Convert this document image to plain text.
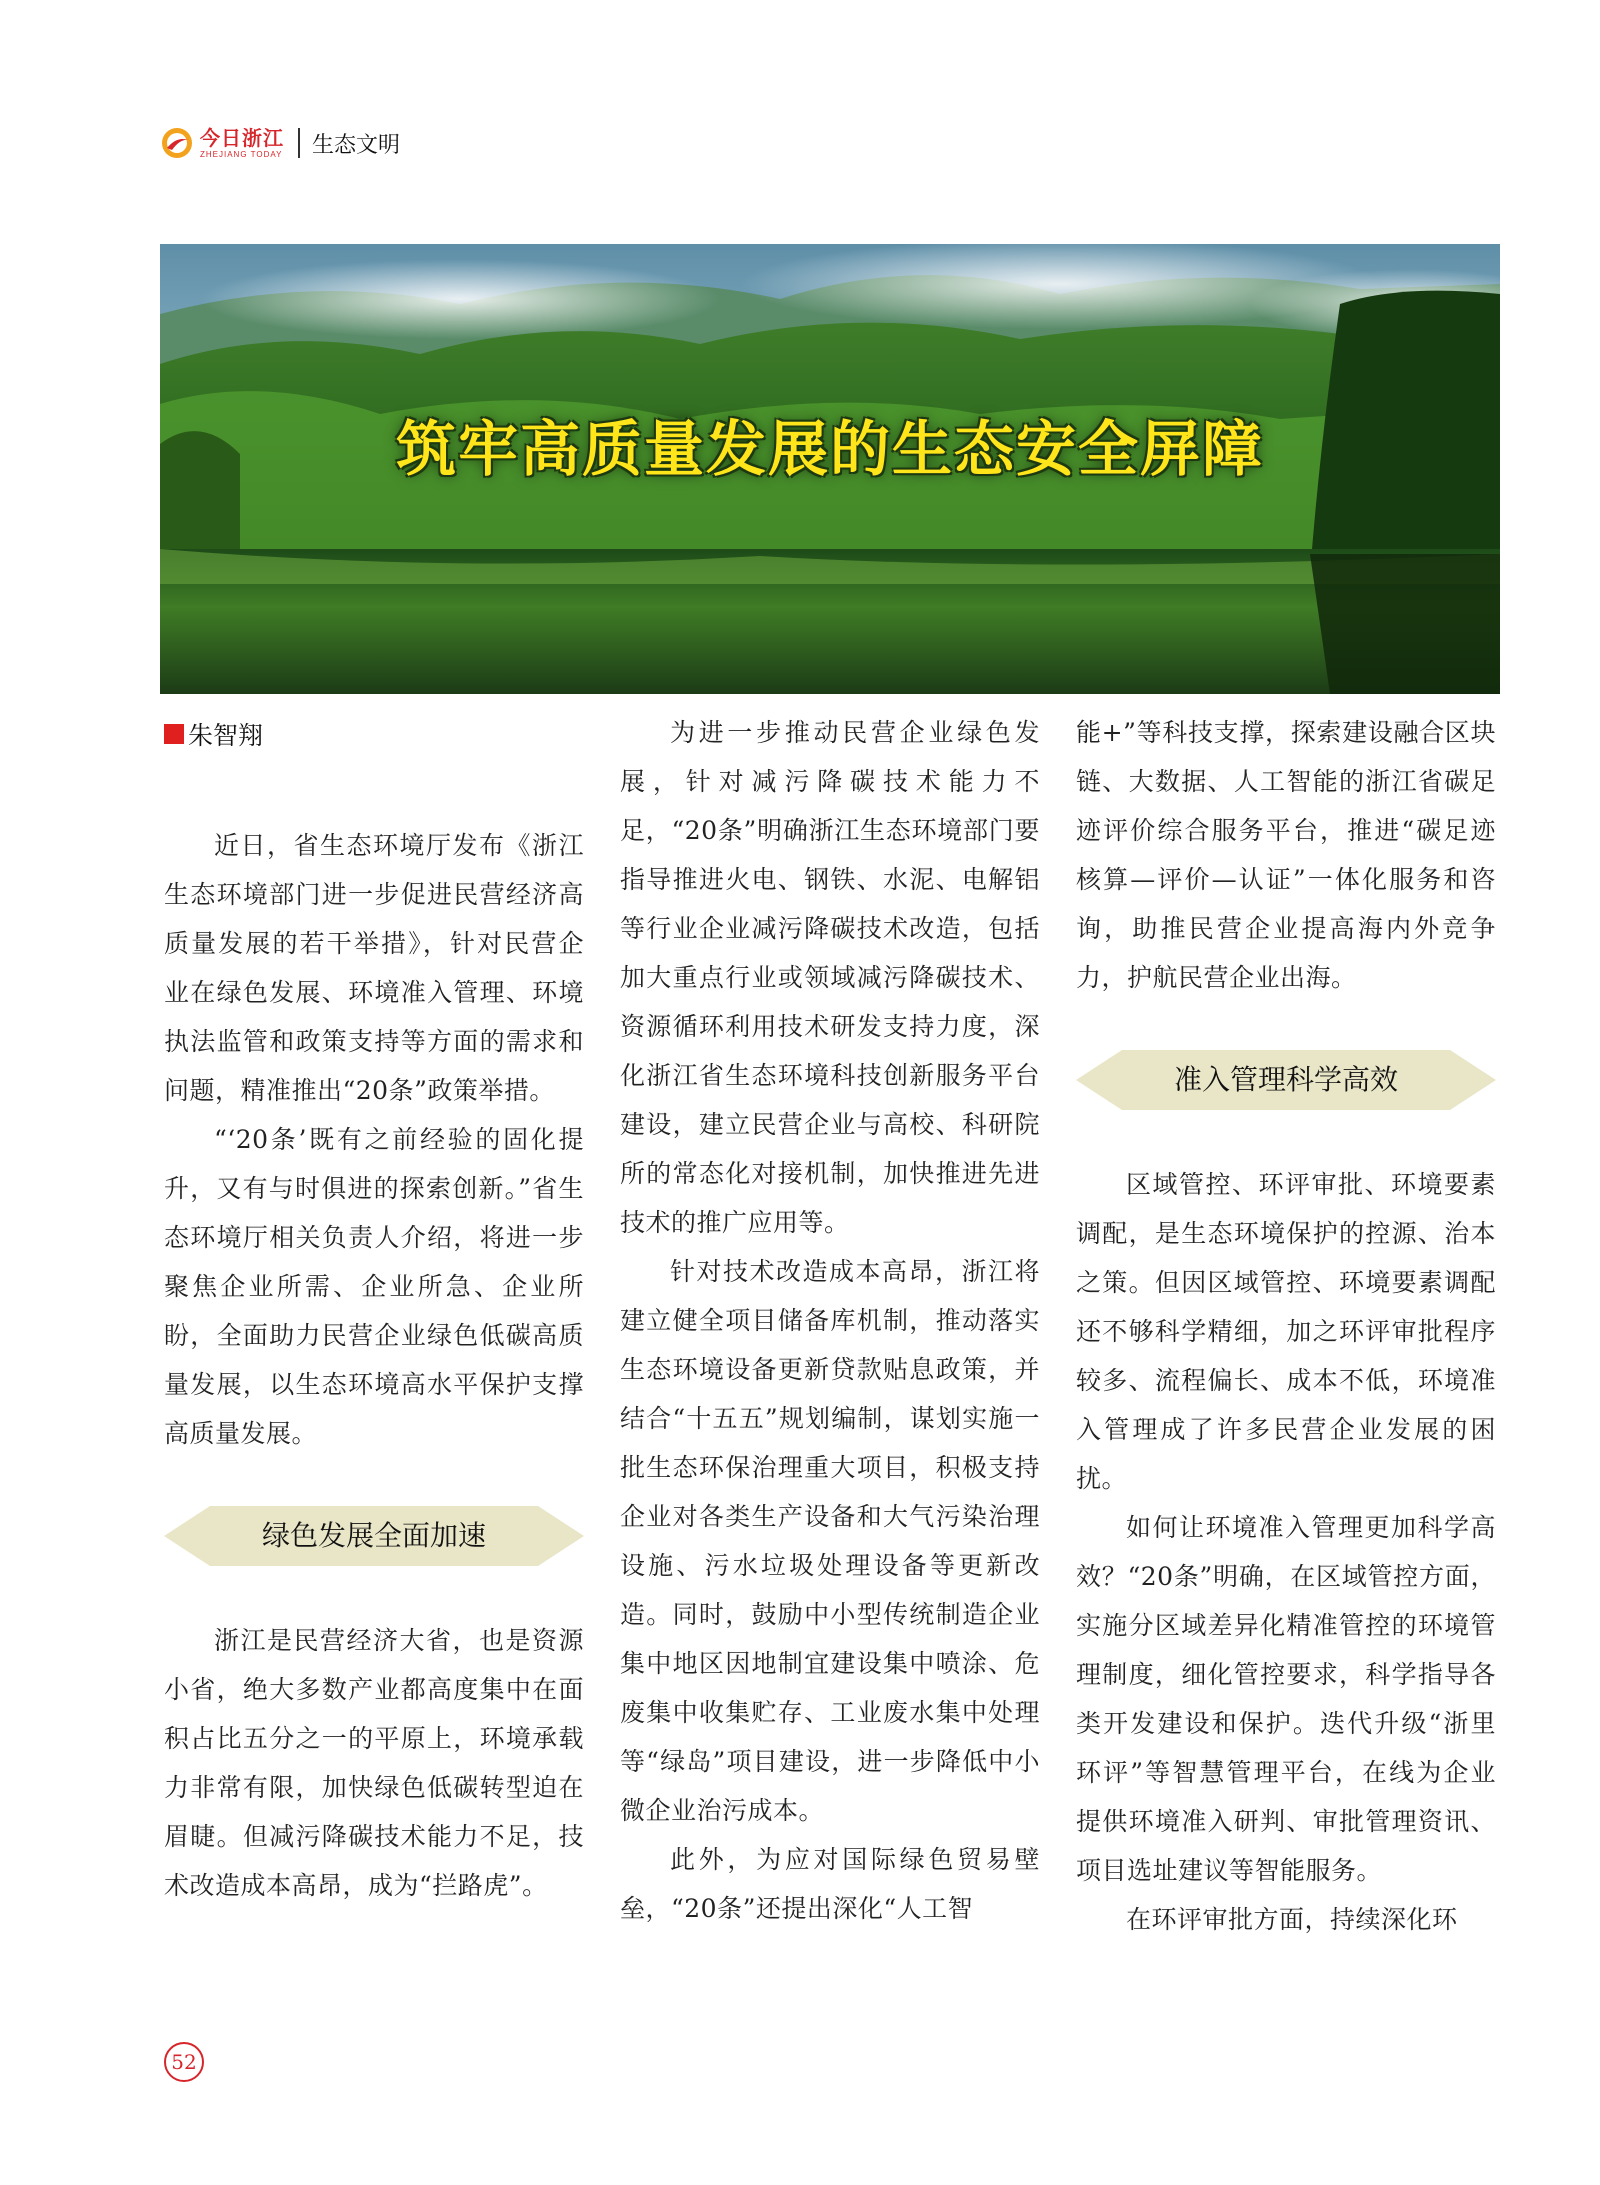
今日浙江
ZHEJIANG TODAY 生态文明
筑牢高质量发展的生态安全屏障
朱智翔

近日，省生态环境厅发布《浙江生态环境部门进一步促进民营经济高质量发展的若干举措》，针对民营企业在绿色发展、环境准入管理、环境执法监管和政策支持等方面的需求和问题，精准推出“20条”政策举措。

“‘20条’既有之前经验的固化提升，又有与时俱进的探索创新。”省生态环境厅相关负责人介绍，将进一步聚焦企业所需、企业所急、企业所盼，全面助力民营企业绿色低碳高质量发展，以生态环境高水平保护支撑高质量发展。

绿色发展全面加速

浙江是民营经济大省，也是资源小省，绝大多数产业都高度集中在面积占比五分之一的平原上，环境承载力非常有限，加快绿色低碳转型迫在眉睫。但减污降碳技术能力不足，技术改造成本高昂，成为“拦路虎”。

为进一步推动民营企业绿色发展，针对减污降碳技术能力不足，“20条”明确浙江生态环境部门要指导推进火电、钢铁、水泥、电解铝等行业企业减污降碳技术改造，包括加大重点行业或领域减污降碳技术、资源循环利用技术研发支持力度，深化浙江省生态环境科技创新服务平台建设，建立民营企业与高校、科研院所的常态化对接机制，加快推进先进技术的推广应用等。

针对技术改造成本高昂，浙江将建立健全项目储备库机制，推动落实生态环境设备更新贷款贴息政策，并结合“十五五”规划编制，谋划实施一批生态环保治理重大项目，积极支持企业对各类生产设备和大气污染治理设施、污水垃圾处理设备等更新改造。同时，鼓励中小型传统制造企业集中地区因地制宜建设集中喷涂、危废集中收集贮存、工业废水集中处理等“绿岛”项目建设，进一步降低中小微企业治污成本。

此外，为应对国际绿色贸易壁垒，“20条”还提出深化“人工智

能+”等科技支撑，探索建设融合区块链、大数据、人工智能的浙江省碳足迹评价综合服务平台，推进“碳足迹核算—评价—认证”一体化服务和咨询，助推民营企业提高海内外竞争力，护航民营企业出海。

准入管理科学高效

区域管控、环评审批、环境要素调配，是生态环境保护的控源、治本之策。但因区域管控、环境要素调配还不够科学精细，加之环评审批程序较多、流程偏长、成本不低，环境准入管理成了许多民营企业发展的困扰。

如何让环境准入管理更加科学高效？“20条”明确，在区域管控方面，实施分区域差异化精准管控的环境管理制度，细化管控要求，科学指导各类开发建设和保护。迭代升级“浙里环评”等智慧管理平台，在线为企业提供环境准入研判、审批管理资讯、项目选址建议等智能服务。

在环评审批方面，持续深化环

52
